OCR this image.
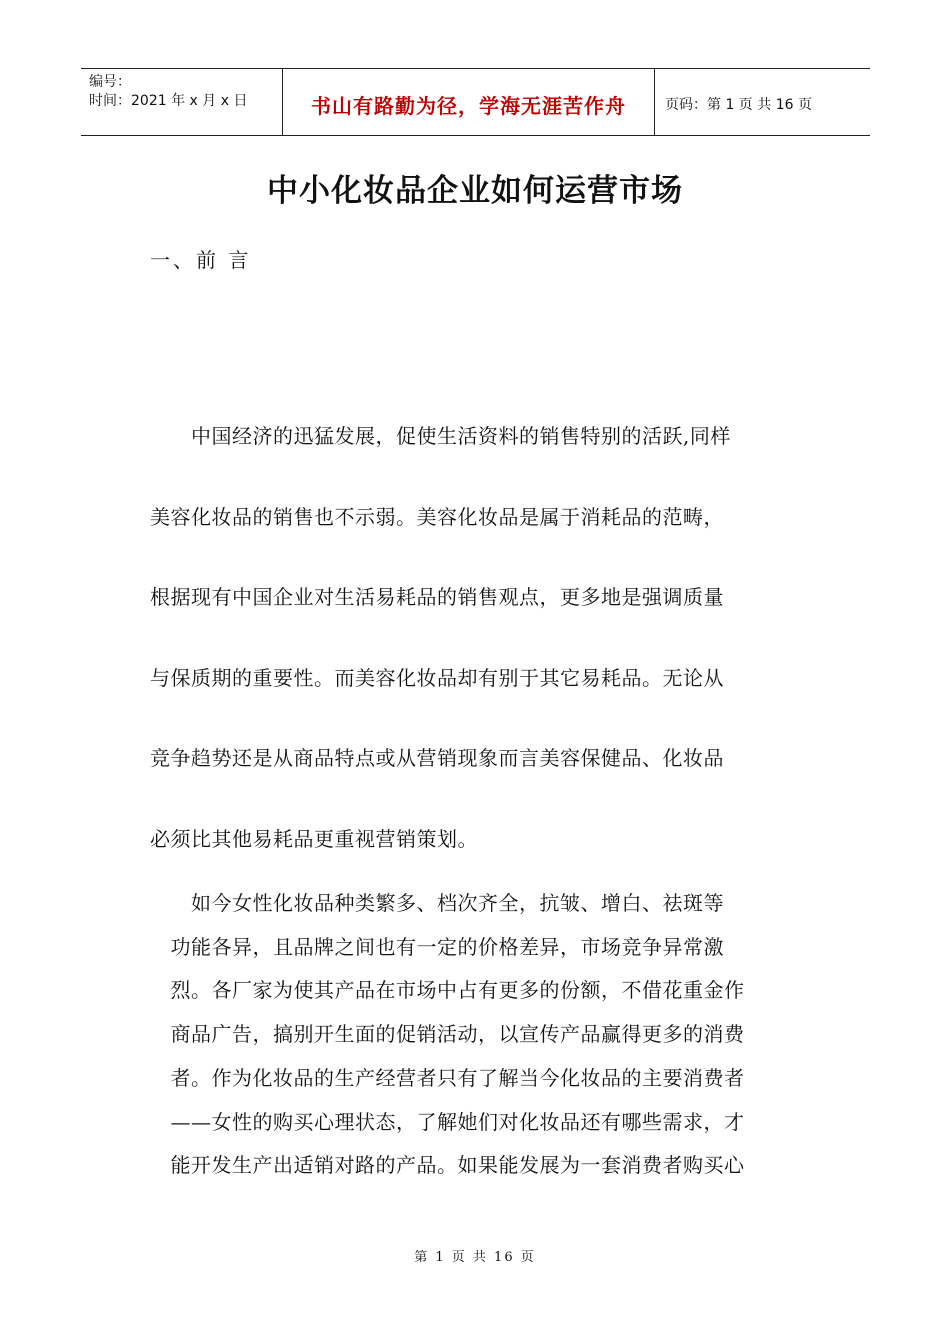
编号：
时间：2021 年 x 月 x 日	书山有路勤为径，学海无涯苦作舟	页码：第 1 页 共 16 页
中小化妆品企业如何运营市场
一、前 言
　　中国经济的迅猛发展，促使生活资料的销售特别的活跃,同样
美容化妆品的销售也不示弱。美容化妆品是属于消耗品的范畴，
根据现有中国企业对生活易耗品的销售观点，更多地是强调质量
与保质期的重要性。而美容化妆品却有别于其它易耗品。无论从
竞争趋势还是从商品特点或从营销现象而言美容保健品、化妆品
必须比其他易耗品更重视营销策划。
　　如今女性化妆品种类繁多、档次齐全，抗皱、增白、祛斑等
　功能各异，且品牌之间也有一定的价格差异，市场竞争异常激
　烈。各厂家为使其产品在市场中占有更多的份额，不借花重金作
　商品广告，搞别开生面的促销活动，以宣传产品赢得更多的消费
　者。作为化妆品的生产经营者只有了解当今化妆品的主要消费者
　——女性的购买心理状态，了解她们对化妆品还有哪些需求，才
　能开发生产出适销对路的产品。如果能发展为一套消费者购买心
第 1 页 共 16 页
